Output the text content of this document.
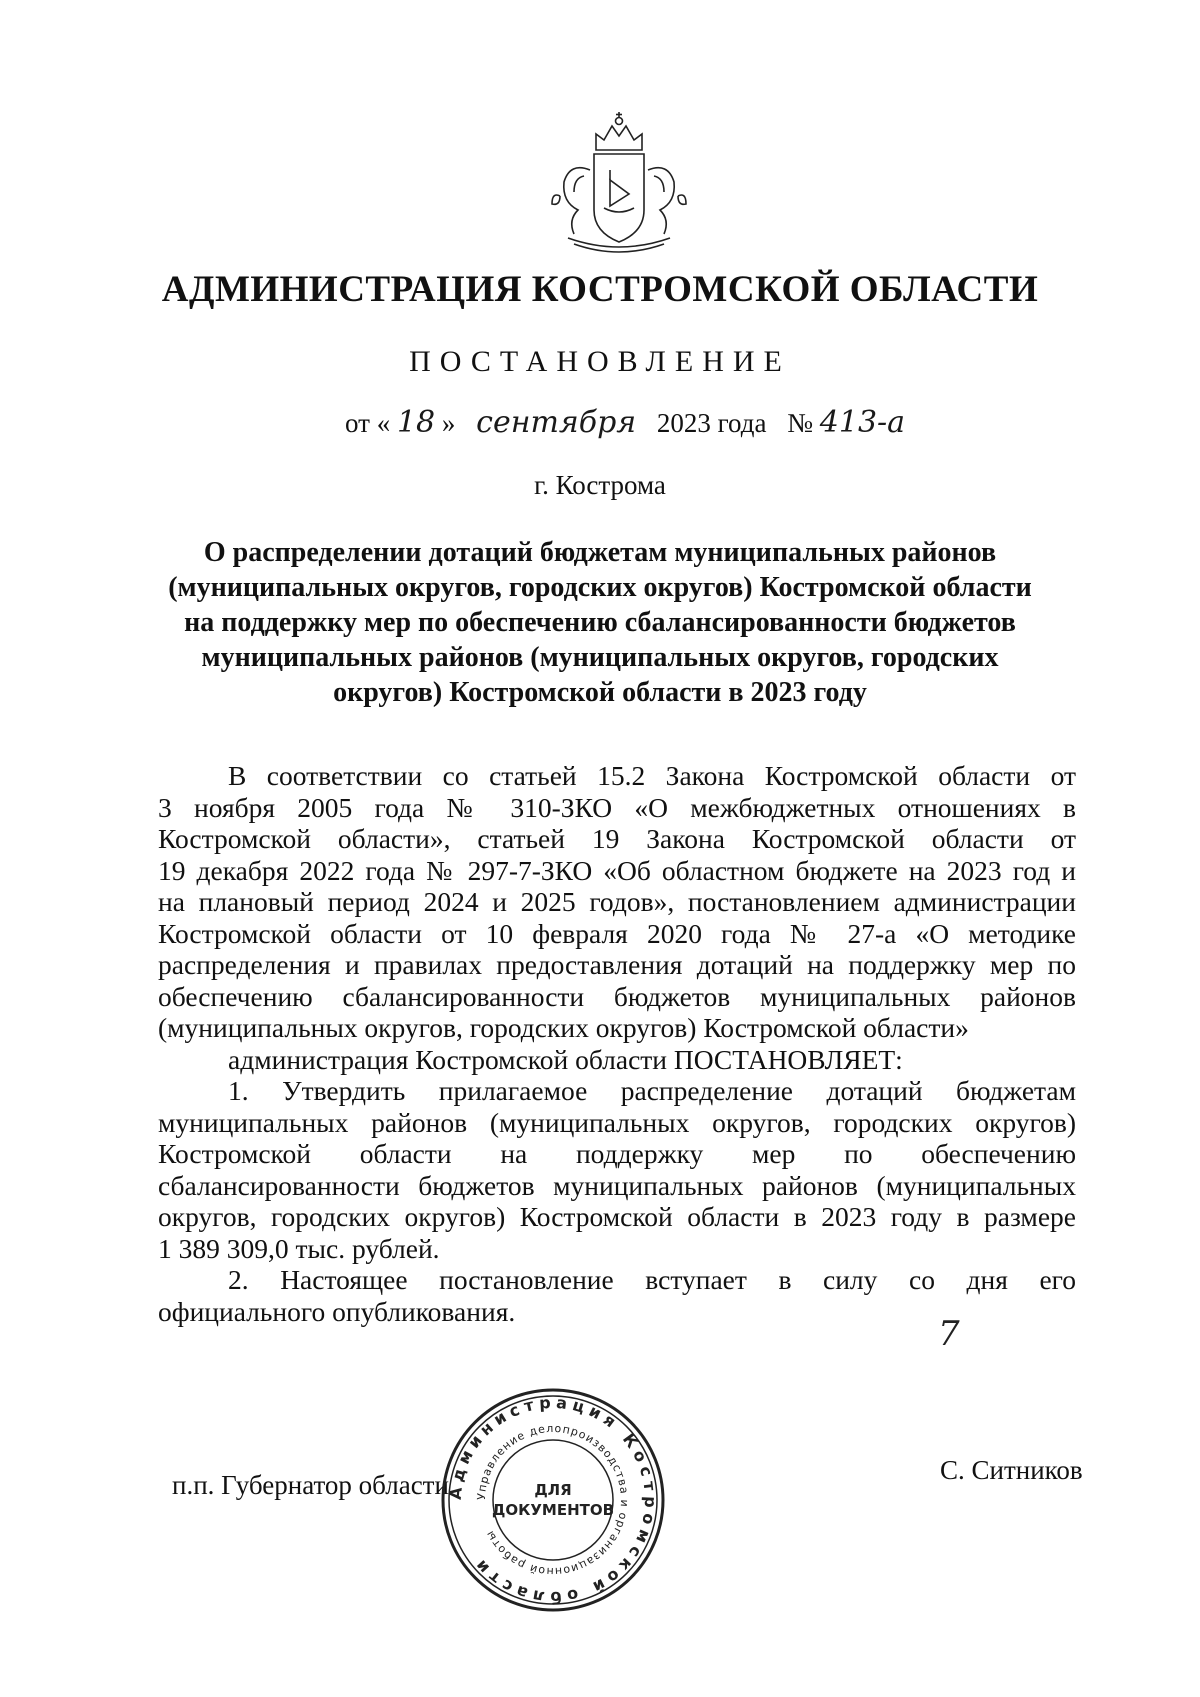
АДМИНИСТРАЦИЯ КОСТРОМСКОЙ ОБЛАСТИ
ПОСТАНОВЛЕНИЕ
от « 18 » сентября 2023 года № 413-а
г. Кострома
О распределении дотаций бюджетам муниципальных районов
(муниципальных округов, городских округов) Костромской области
на поддержку мер по обеспечению сбалансированности бюджетов
муниципальных районов (муниципальных округов, городских
округов) Костромской области в 2023 году
В соответствии со статьей 15.2 Закона Костромской области от
3 ноября 2005 года № 310-ЗКО «О межбюджетных отношениях в
Костромской области», статьей 19 Закона Костромской области от
19 декабря 2022 года № 297-7-ЗКО «Об областном бюджете на 2023 год и
на плановый период 2024 и 2025 годов», постановлением администрации
Костромской области от 10 февраля 2020 года № 27-а «О методике
распределения и правилах предоставления дотаций на поддержку мер по
обеспечению сбалансированности бюджетов муниципальных районов
(муниципальных округов, городских округов) Костромской области»
администрация Костромской области ПОСТАНОВЛЯЕТ:
1. Утвердить прилагаемое распределение дотаций бюджетам
муниципальных районов (муниципальных округов, городских округов)
Костромской области на поддержку мер по обеспечению
сбалансированности бюджетов муниципальных районов (муниципальных
округов, городских округов) Костромской области в 2023 году в размере
1 389 309,0 тыс. рублей.
2. Настоящее постановление вступает в силу со дня его
официального опубликования.
7
п.п. Губернатор области	С. Ситников
Администрация Костромской области
Управление делопроизводства и организационной работы
ДЛЯ
ДОКУМЕНТОВ
